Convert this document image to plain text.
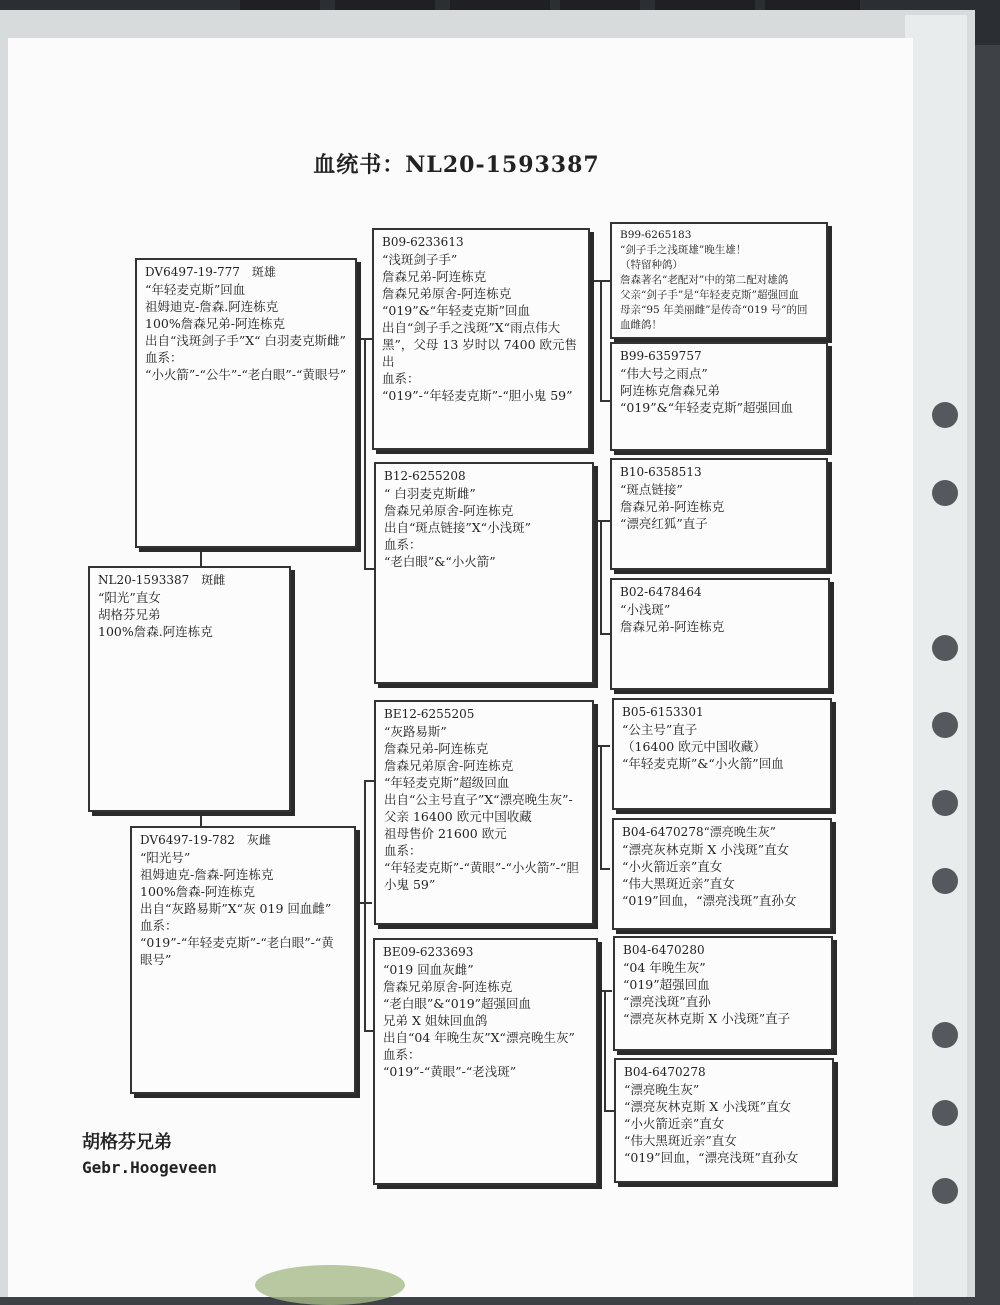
血统书：NL20-1593387
NL20-1593387　斑雌
“阳光”直女
胡格芬兄弟
100%詹森.阿连栋克
DV6497-19-777　斑雄
“年轻麦克斯”回血
祖姆迪克-詹森.阿连栋克
100%詹森兄弟-阿连栋克
出自“浅斑剑子手”X“ 白羽麦克斯雌”
血系：
“小火箭”-“公牛”-“老白眼”-“黄眼号”
DV6497-19-782　灰雌
“阳光号”
祖姆迪克-詹森-阿连栋克
100%詹森-阿连栋克
出自“灰路易斯”X“灰 019 回血雌”
血系：
“019”-“年轻麦克斯”-“老白眼”-“黄眼号”
B09-6233613
“浅斑剑子手”
詹森兄弟-阿连栋克
詹森兄弟原舍-阿连栋克
“019”&“年轻麦克斯”回血
出自“剑子手之浅斑”X“雨点伟大黑”，父母 13 岁时以 7400 欧元售出
血系：
“019”-“年轻麦克斯”-“胆小鬼 59”
B12-6255208
“ 白羽麦克斯雌”
詹森兄弟原舍-阿连栋克
出自“斑点链接”X“小浅斑”
血系：
“老白眼”&“小火箭”
BE12-6255205
“灰路易斯”
詹森兄弟-阿连栋克
詹森兄弟原舍-阿连栋克
“年轻麦克斯”超级回血
出自“公主号直子”X“漂亮晚生灰”-父亲 16400 欧元中国收藏
祖母售价 21600 欧元
血系：
“年轻麦克斯”-“黄眼”-“小火箭”-“胆小鬼 59”
BE09-6233693
“019 回血灰雌”
詹森兄弟原舍-阿连栋克
“老白眼”&“019”超强回血
兄弟 X 姐妹回血鸽
出自“04 年晚生灰”X“漂亮晚生灰”
血系：
“019”-“黄眼”-“老浅斑”
B99-6265183
“剑子手之浅斑雄”晚生雄！
（特留种鸽）
詹森著名“老配对”中的第二配对雄鸽
父亲“剑子手”是“年轻麦克斯”超强回血
母亲“95 年美丽雌”是传奇“019 号”的回血雌鸽！
B99-6359757
“伟大号之雨点”
阿连栋克詹森兄弟
“019”&“年轻麦克斯”超强回血
B10-6358513
“斑点链接”
詹森兄弟-阿连栋克
“漂亮红狐”直子
B02-6478464
“小浅斑”
詹森兄弟-阿连栋克
B05-6153301
“公主号”直子
（16400 欧元中国收藏）
“年轻麦克斯”&“小火箭”回血
B04-6470278“漂亮晚生灰”
“漂亮灰林克斯 X 小浅斑”直女
“小火箭近亲”直女
“伟大黑斑近亲”直女
“019”回血，“漂亮浅斑”直孙女
B04-6470280
“04 年晚生灰”
“019”超强回血
“漂亮浅斑”直孙
“漂亮灰林克斯 X 小浅斑”直子
B04-6470278
“漂亮晚生灰”
“漂亮灰林克斯 X 小浅斑”直女
“小火箭近亲”直女
“伟大黑斑近亲”直女
“019”回血，“漂亮浅斑”直孙女
胡格芬兄弟
Gebr.Hoogeveen
